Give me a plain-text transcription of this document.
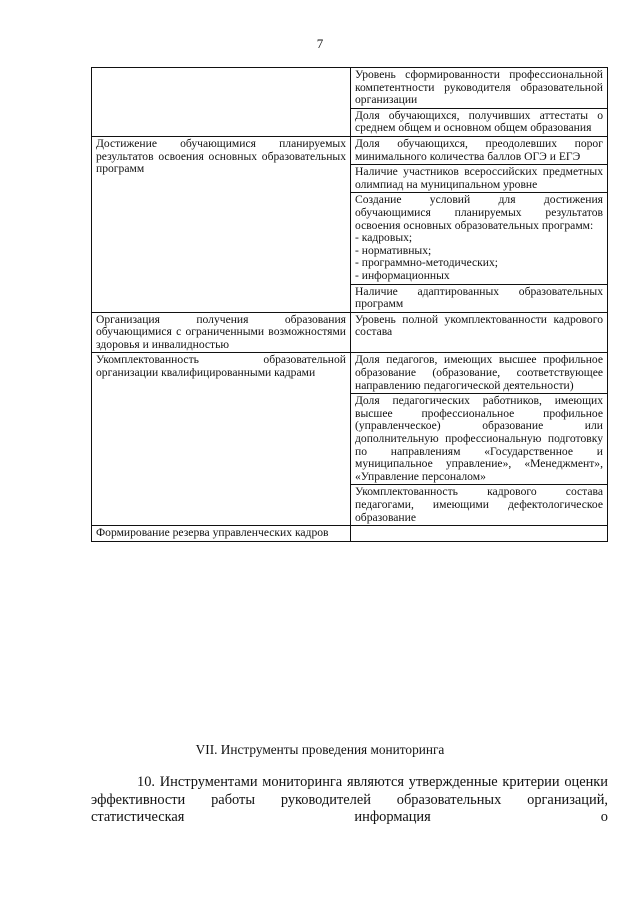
7
	Уровень сформированности профессиональной компетентности руководителя образовательной организации
	Доля обучающихся, получивших аттестаты о среднем общем и основном общем образования
Достижение обучающимися планируемых результатов освоения основных образовательных программ	Доля обучающихся, преодолевших порог минимального количества баллов ОГЭ и ЕГЭ
	Наличие участников всероссийских предметных олимпиад на муниципальном уровне

	Создание условий для достижения обучающимися планируемых результатов освоения основных образовательных программ:
- кадровых;
- нормативных;
- программно-методических;
- информационных

	Наличие адаптированных образовательных программ
Организация получения образования обучающимися с ограниченными возможностями здоровья и инвалидностью	Уровень полной укомплектованности кадрового состава
Укомплектованность образовательной организации квалифицированными кадрами	Доля педагогов, имеющих высшее профильное образование (образование, соответствующее направлению педагогической деятельности)
	Доля педагогических работников, имеющих высшее профессиональное профильное (управленческое) образование или дополнительную профессиональную подготовку по направлениям «Государственное и муниципальное управление», «Менеджмент», «Управление персоналом»
	Укомплектованность кадрового состава педагогами, имеющими дефектологическое образование
Формирование резерва управленческих кадров	
VII. Инструменты проведения мониторинга
10. Инструментами мониторинга являются утвержденные критерии оценки эффективности работы руководителей образовательных организаций, статистическая информация о
